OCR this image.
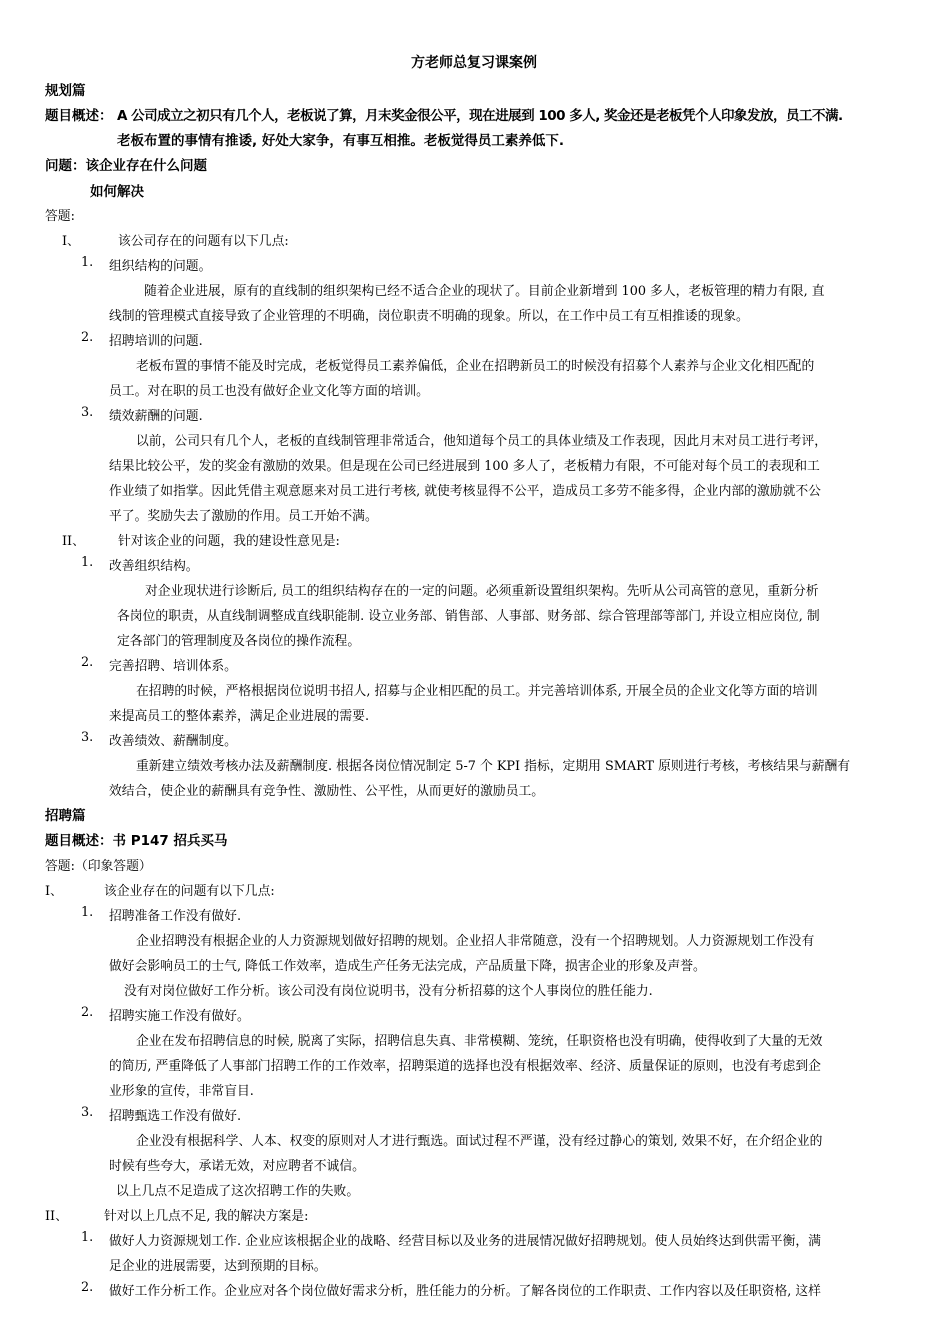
方老师总复习课案例
规划篇
题目概述： A 公司成立之初只有几个人，老板说了算，月末奖金很公平，现在进展到 100 多人, 奖金还是老板凭个人印象发放，员工不满.
老板布置的事情有推诿, 好处大家争，有事互相推。老板觉得员工素养低下.
问题：该企业存在什么问题
如何解决
答题:
I、	该公司存在的问题有以下几点:
1. 组织结构的问题。
随着企业进展，原有的直线制的组织架构已经不适合企业的现状了。目前企业新增到 100 多人，老板管理的精力有限, 直
线制的管理模式直接导致了企业管理的不明确，岗位职责不明确的现象。所以，在工作中员工有互相推诿的现象。
2. 招聘培训的问题.
老板布置的事情不能及时完成，老板觉得员工素养偏低，企业在招聘新员工的时候没有招募个人素养与企业文化相匹配的
员工。对在职的员工也没有做好企业文化等方面的培训。
3. 绩效薪酬的问题.
以前，公司只有几个人，老板的直线制管理非常适合，他知道每个员工的具体业绩及工作表现，因此月末对员工进行考评，
结果比较公平，发的奖金有激励的效果。但是现在公司已经进展到 100 多人了，老板精力有限，不可能对每个员工的表现和工
作业绩了如指掌。因此凭借主观意愿来对员工进行考核, 就使考核显得不公平，造成员工多劳不能多得，企业内部的激励就不公
平了。奖励失去了激励的作用。员工开始不满。
II、	针对该企业的问题，我的建设性意见是:
1. 改善组织结构。
对企业现状进行诊断后, 员工的组织结构存在的一定的问题。必须重新设置组织架构。先听从公司高管的意见，重新分析
各岗位的职责，从直线制调整成直线职能制. 设立业务部、销售部、人事部、财务部、综合管理部等部门, 并设立相应岗位, 制
定各部门的管理制度及各岗位的操作流程。
2. 完善招聘、培训体系。
在招聘的时候，严格根据岗位说明书招人, 招募与企业相匹配的员工。并完善培训体系, 开展全员的企业文化等方面的培训
来提高员工的整体素养，满足企业进展的需要.
3. 改善绩效、薪酬制度。
重新建立绩效考核办法及薪酬制度. 根据各岗位情况制定 5-7 个 KPI 指标，定期用 SMART 原则进行考核，考核结果与薪酬有
效结合，使企业的薪酬具有竞争性、激励性、公平性，从而更好的激励员工。
招聘篇
题目概述：书 P147 招兵买马
答题:（印象答题）
I、	该企业存在的问题有以下几点:
1. 招聘准备工作没有做好.
企业招聘没有根据企业的人力资源规划做好招聘的规划。企业招人非常随意，没有一个招聘规划。人力资源规划工作没有
做好会影响员工的士气, 降低工作效率，造成生产任务无法完成，产品质量下降，损害企业的形象及声誉。
没有对岗位做好工作分析。该公司没有岗位说明书，没有分析招募的这个人事岗位的胜任能力.
2. 招聘实施工作没有做好。
企业在发布招聘信息的时候, 脱离了实际，招聘信息失真、非常模糊、笼统，任职资格也没有明确，使得收到了大量的无效
的简历, 严重降低了人事部门招聘工作的工作效率，招聘渠道的选择也没有根据效率、经济、质量保证的原则，也没有考虑到企
业形象的宣传，非常盲目.
3. 招聘甄选工作没有做好.
企业没有根据科学、人本、权变的原则对人才进行甄选。面试过程不严谨，没有经过静心的策划, 效果不好，在介绍企业的
时候有些夸大，承诺无效，对应聘者不诚信。
以上几点不足造成了这次招聘工作的失败。
II、	针对以上几点不足, 我的解决方案是:
1. 做好人力资源规划工作. 企业应该根据企业的战略、经营目标以及业务的进展情况做好招聘规划。使人员始终达到供需平衡，满
足企业的进展需要，达到预期的目标。
2. 做好工作分析工作。企业应对各个岗位做好需求分析，胜任能力的分析。了解各岗位的工作职责、工作内容以及任职资格, 这样
